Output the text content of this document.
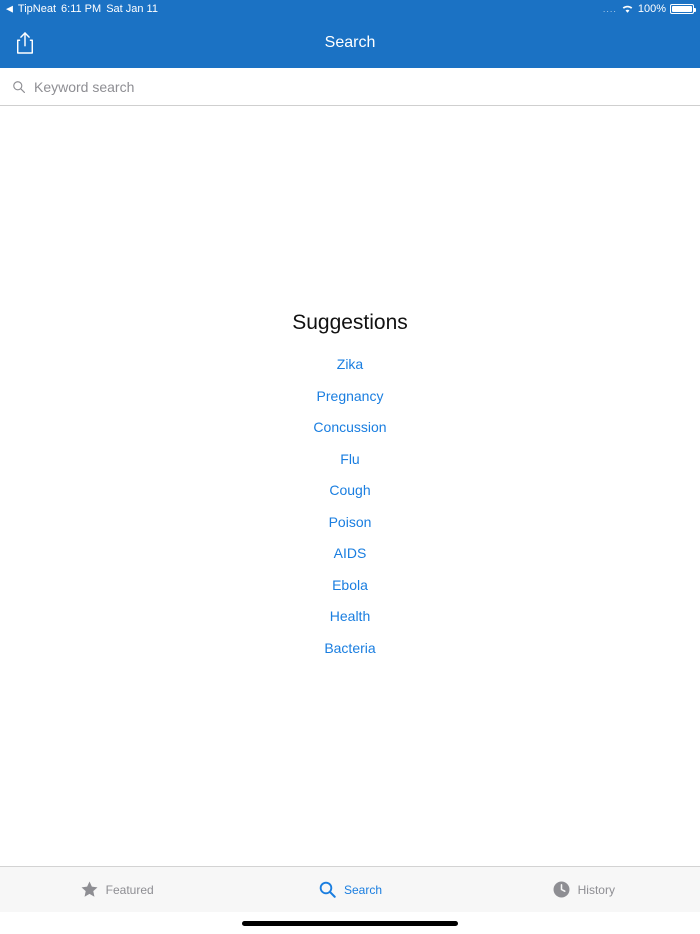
◀ TipNeat 6:11 PM Sat Jan 11	.... 100%
Search
Keyword search
Suggestions
Zika
Pregnancy
Concussion
Flu
Cough
Poison
AIDS
Ebola
Health
Bacteria
Featured	Search	History
